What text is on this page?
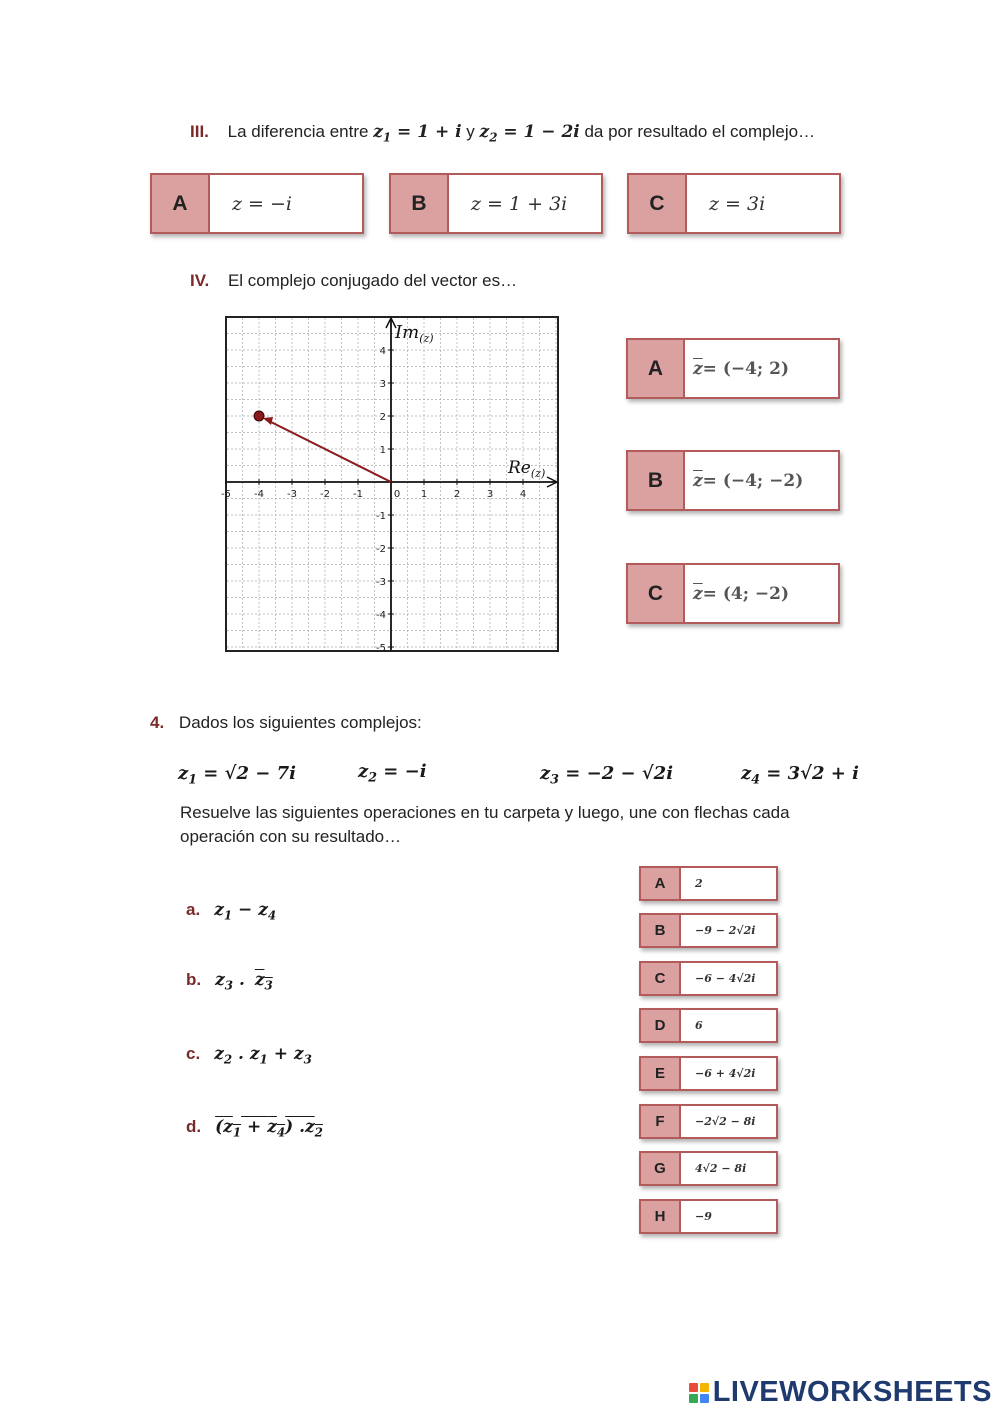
III. La diferencia entre $z_1 = 1 + i$ y $z_2 = 1 - 2i$ da por resultado el complejo…
A	z = −i	B	z = 1 + 3i	C	z = 3i
IV. El complejo conjugado del vector es…
-5 -4 -3 -2 -1	0 1	2	3	4
4
3
2
1
-1
-2
-3
-4
-5
$Im_{(z)}$
$Re_{(z)}$
A	$\overline{z} = (-4$; 2)
B	$\overline{z} = (-4$; −2)
C	$\overline{z} = (4$; −2)
4. Dados los siguientes complejos:
$z_1 = √2 - 7i$	$z_2 = -i$	$z_3 = -2 - √2i$	$z_4 = 3√2 + i$
Resuelve las siguientes operaciones en tu carpeta y luego, une con flechas cada
operación con su resultado…
a. $z_1 - z_4$
b. $z_3$ . $z_3$
c. $z_2$ . $z_1 + z_3$
d. $(z_1 + z_4)$ $.z_2$
A	2
B	−9 − 2√2i
C	−6 − 4√2i
D	6
E	−6 + 4√2i
F	−2√2 − 8i
G	4√2 − 8i
H	−9
LIVEWORKSHEETS
